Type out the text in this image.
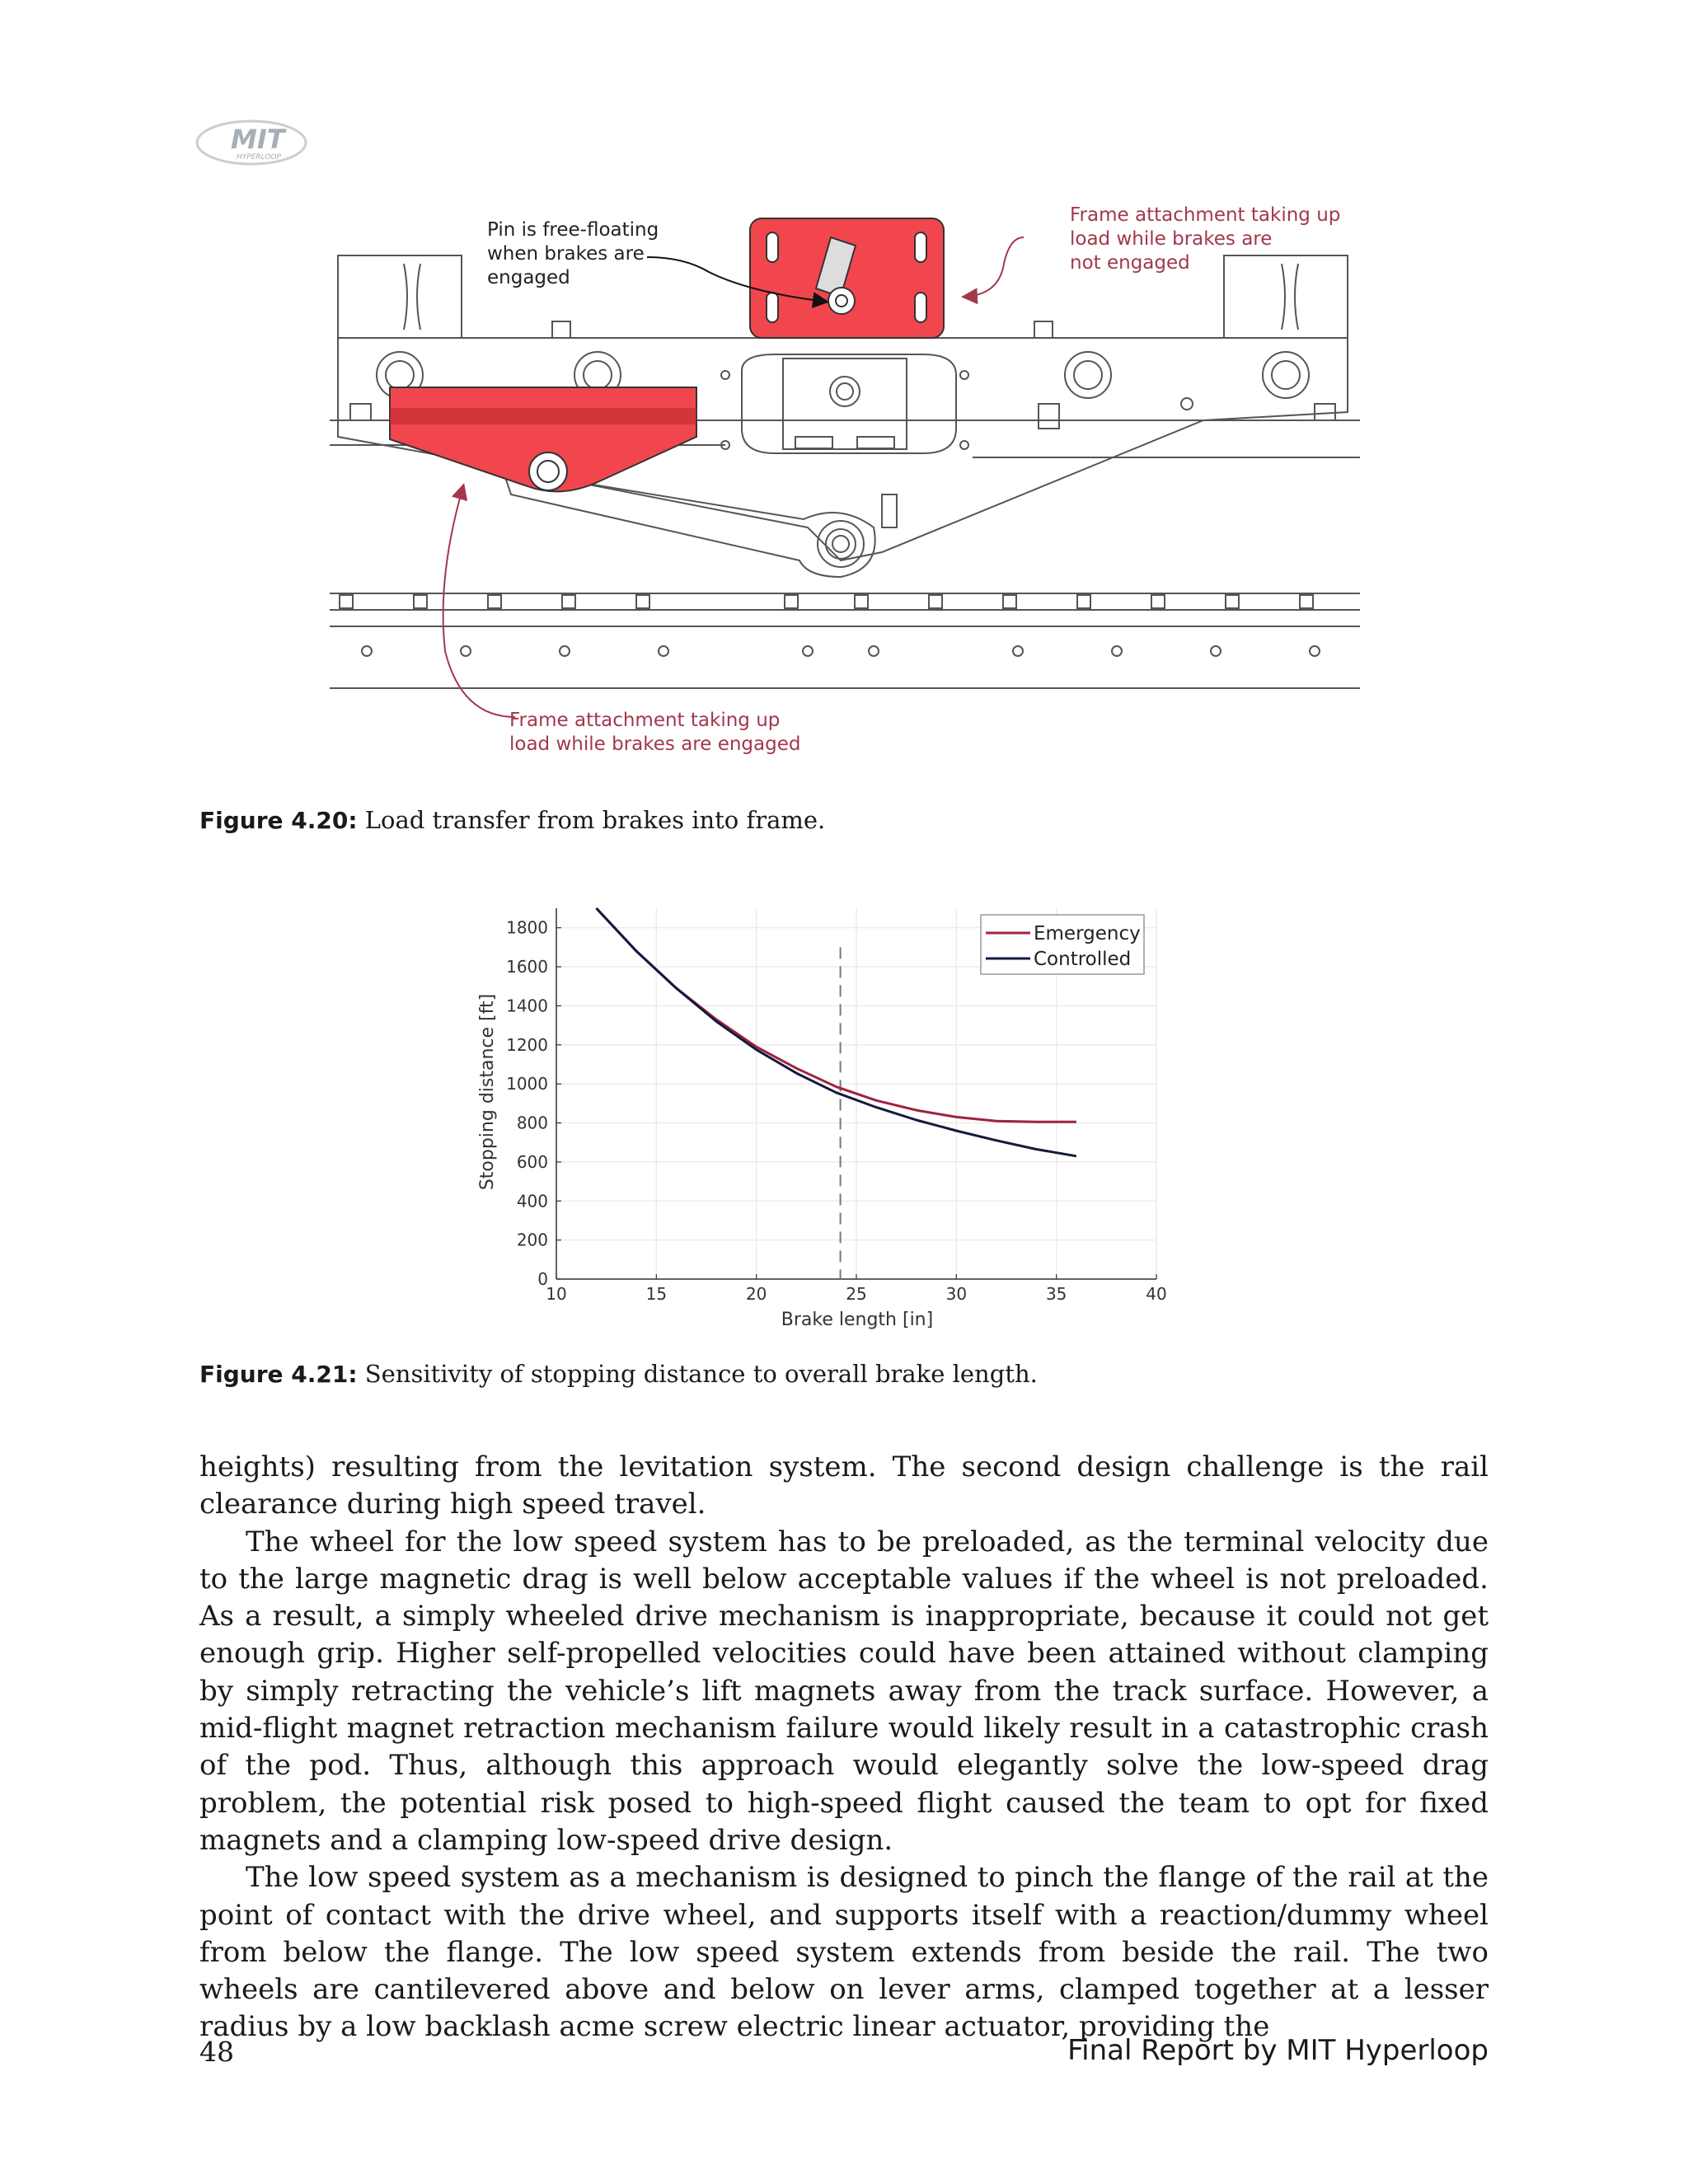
MIT
HYPERLOOP
Pin is free-floating
when brakes are
engaged
Frame attachment taking up
load while brakes are
not engaged
Frame attachment taking up
load while brakes are engaged
Figure 4.20: Load transfer from brakes into frame.
10	15	20	25	30	35	40
0
200
400
600
800
1000
1200
1400
1600
1800	Emergency
Controlled
Brake length [in]
Stopping distance [ft]
Figure 4.21: Sensitivity of stopping distance to overall brake length.

heights) resulting from the levitation system. The second design challenge is the rail clearance during high speed travel.

The wheel for the low speed system has to be preloaded, as the terminal velocity due to the large magnetic drag is well below acceptable values if the wheel is not preloaded. As a result, a simply wheeled drive mechanism is inappropriate, because it could not get enough grip. Higher self-propelled velocities could have been attained without clamping by simply retracting the vehicle’s lift magnets away from the track surface. However, a mid-flight magnet retraction mechanism failure would likely result in a catastrophic crash of the pod. Thus, although this approach would elegantly solve the low-speed drag problem, the potential risk posed to high-speed flight caused the team to opt for fixed magnets and a clamping low-speed drive design.

The low speed system as a mechanism is designed to pinch the flange of the rail at the point of contact with the drive wheel, and supports itself with a reaction/dummy wheel from below the flange. The low speed system extends from beside the rail. The two wheels are cantilevered above and below on lever arms, clamped together at a lesser radius by a low backlash acme screw electric linear actuator, providing the

48	Final Report by MIT Hyperloop
